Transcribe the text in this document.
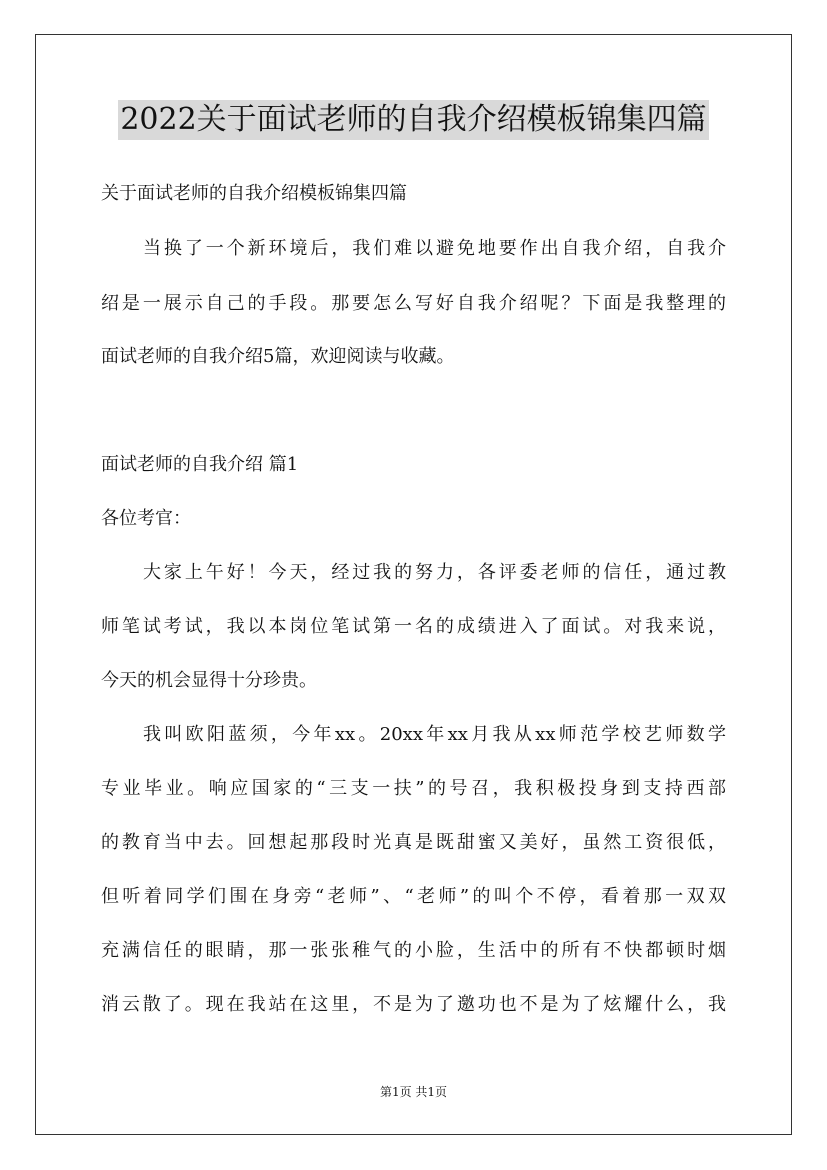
2022关于面试老师的自我介绍模板锦集四篇
关于面试老师的自我介绍模板锦集四篇
当换了一个新环境后，我们难以避免地要作出自我介绍，自我介
绍是一展示自己的手段。那要怎么写好自我介绍呢？下面是我整理的
面试老师的自我介绍5篇，欢迎阅读与收藏。
面试老师的自我介绍 篇1
各位考官：
大家上午好！今天，经过我的努力，各评委老师的信任，通过教
师笔试考试，我以本岗位笔试第一名的成绩进入了面试。对我来说，
今天的机会显得十分珍贵。
我叫欧阳蓝须，今年xx。20xx年xx月我从xx师范学校艺师数学
专业毕业。响应国家的“三支一扶”的号召，我积极投身到支持西部
的教育当中去。回想起那段时光真是既甜蜜又美好，虽然工资很低，
但听着同学们围在身旁“老师”、“老师”的叫个不停，看着那一双双
充满信任的眼睛，那一张张稚气的小脸，生活中的所有不快都顿时烟
消云散了。现在我站在这里，不是为了邀功也不是为了炫耀什么，我
第1页 共1页
